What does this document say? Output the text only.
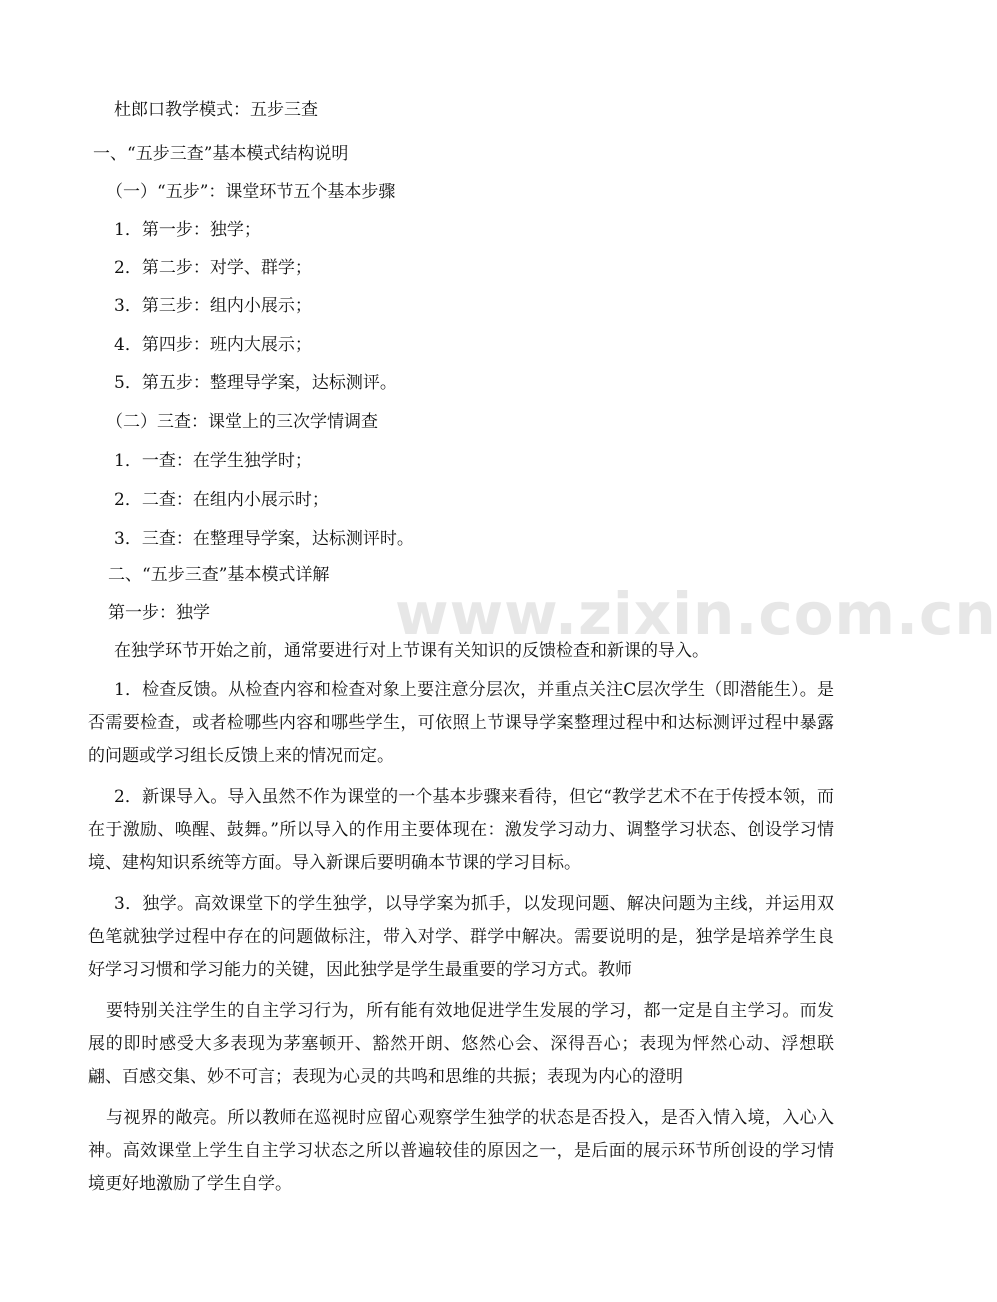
www.zixin.com.cn
杜郎口教学模式：五步三查
一、“五步三查”基本模式结构说明
（一）“五步”：课堂环节五个基本步骤
1．第一步：独学；
2．第二步：对学、群学；
3．第三步：组内小展示；
4．第四步：班内大展示；
5．第五步：整理导学案，达标测评。
（二）三查：课堂上的三次学情调查
1．一查：在学生独学时；
2．二查：在组内小展示时；
3．三查：在整理导学案，达标测评时。
二、“五步三查”基本模式详解
第一步：独学
在独学环节开始之前，通常要进行对上节课有关知识的反馈检查和新课的导入。
1．检查反馈。从检查内容和检查对象上要注意分层次，并重点关注C层次学生（即潜能生）。是否需要检查，或者检哪些内容和哪些学生，可依照上节课导学案整理过程中和达标测评过程中暴露的问题或学习组长反馈上来的情况而定。
2．新课导入。导入虽然不作为课堂的一个基本步骤来看待，但它“教学艺术不在于传授本领，而在于激励、唤醒、鼓舞。”所以导入的作用主要体现在：激发学习动力、调整学习状态、创设学习情境、建构知识系统等方面。导入新课后要明确本节课的学习目标。
3．独学。高效课堂下的学生独学，以导学案为抓手，以发现问题、解决问题为主线，并运用双色笔就独学过程中存在的问题做标注，带入对学、群学中解决。需要说明的是，独学是培养学生良好学习习惯和学习能力的关键，因此独学是学生最重要的学习方式。教师
要特别关注学生的自主学习行为，所有能有效地促进学生发展的学习，都一定是自主学习。而发展的即时感受大多表现为茅塞顿开、豁然开朗、悠然心会、深得吾心；表现为怦然心动、浮想联翩、百感交集、妙不可言；表现为心灵的共鸣和思维的共振；表现为内心的澄明
与视界的敞亮。所以教师在巡视时应留心观察学生独学的状态是否投入，是否入情入境，入心入神。高效课堂上学生自主学习状态之所以普遍较佳的原因之一，是后面的展示环节所创设的学习情境更好地激励了学生自学。
